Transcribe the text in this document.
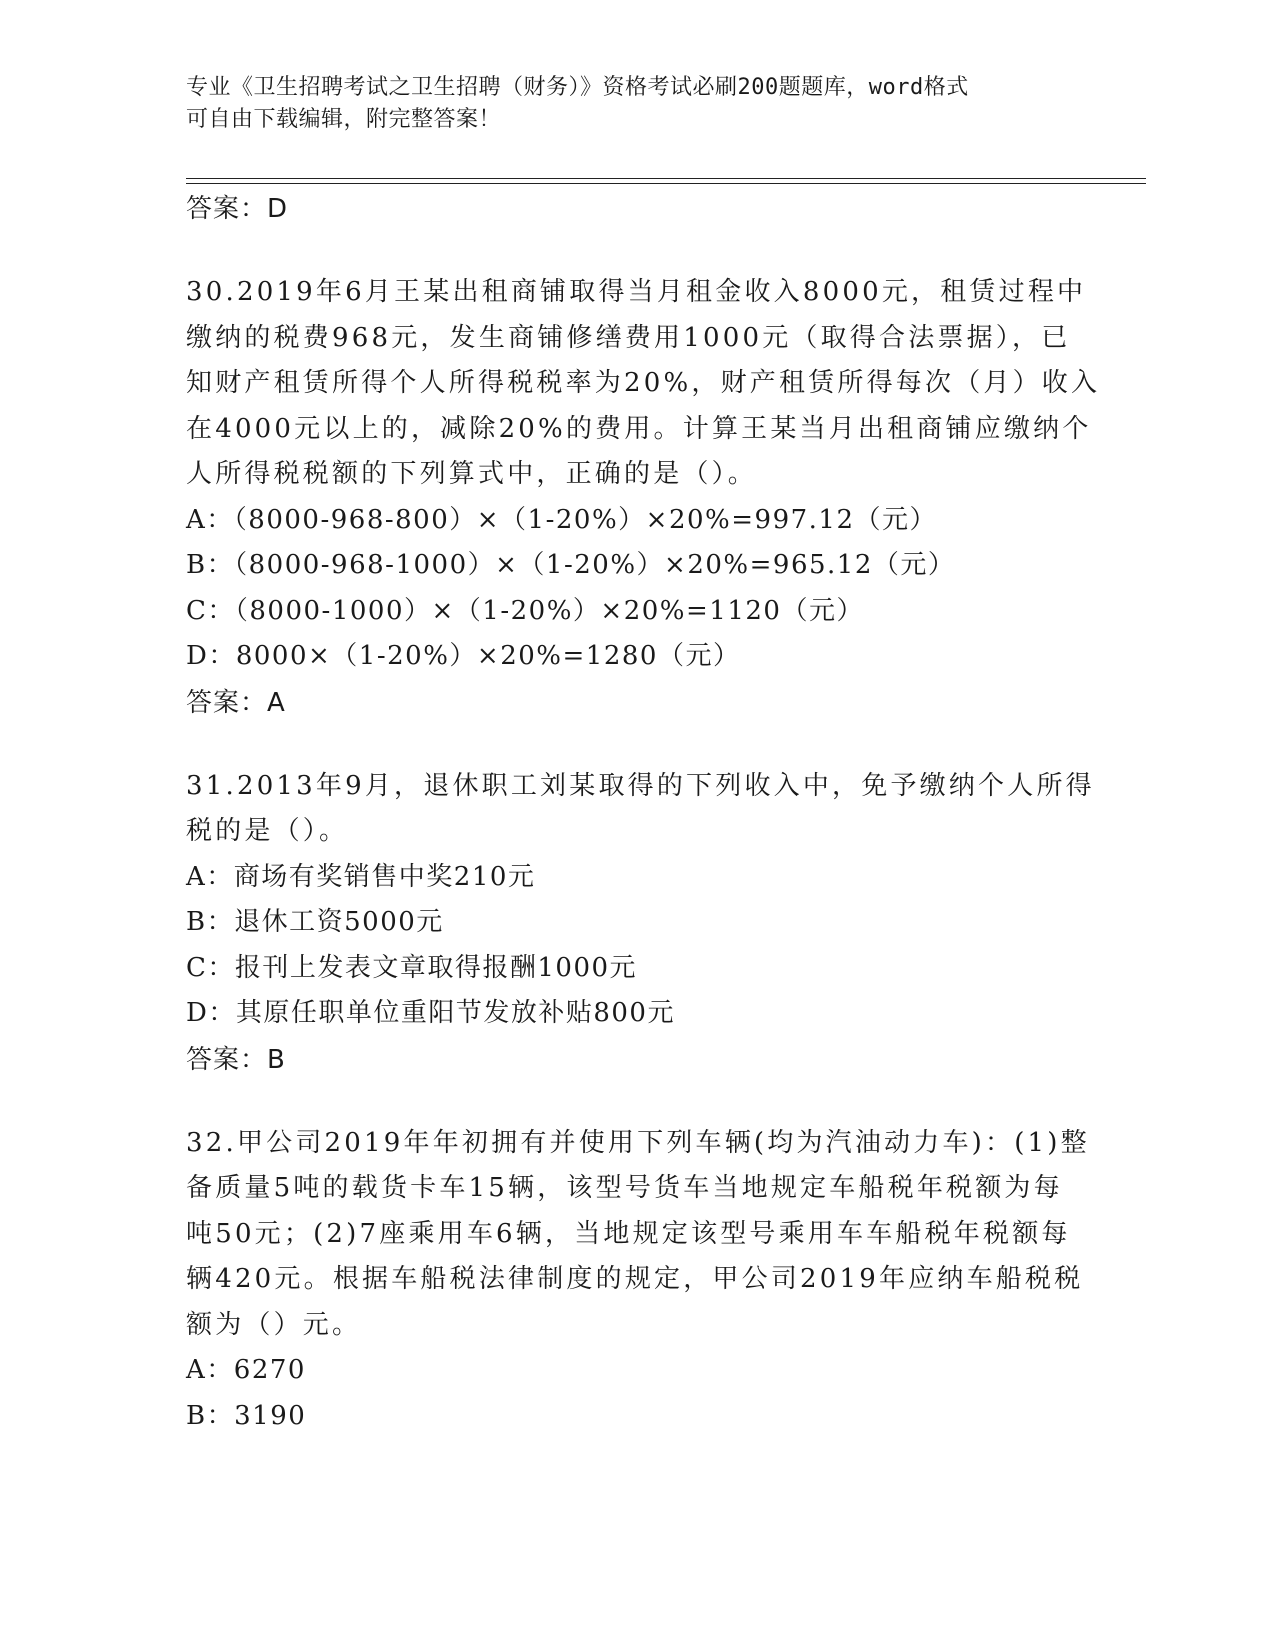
专业《卫生招聘考试之卫生招聘（财务）》资格考试必刷200题题库，word格式
可自由下载编辑，附完整答案！
答案：D

30.2019年6月王某出租商铺取得当月租金收入8000元，租赁过程中
缴纳的税费968元，发生商铺修缮费用1000元（取得合法票据），已
知财产租赁所得个人所得税税率为20%，财产租赁所得每次（月）收入
在4000元以上的，减除20%的费用。计算王某当月出租商铺应缴纳个
人所得税税额的下列算式中，正确的是（）。

A：（8000-968-800）×（1-20%）×20%=997.12（元）
B：（8000-968-1000）×（1-20%）×20%=965.12（元）
C：（8000-1000）×（1-20%）×20%=1120（元）
D：8000×（1-20%）×20%=1280（元）
答案：A

31.2013年9月，退休职工刘某取得的下列收入中，免予缴纳个人所得
税的是（）。

A：商场有奖销售中奖210元
B：退休工资5000元
C：报刊上发表文章取得报酬1000元
D：其原任职单位重阳节发放补贴800元
答案：B

32.甲公司2019年年初拥有并使用下列车辆(均为汽油动力车)：(1)整
备质量5吨的载货卡车15辆，该型号货车当地规定车船税年税额为每
吨50元；(2)7座乘用车6辆，当地规定该型号乘用车车船税年税额每
辆420元。根据车船税法律制度的规定，甲公司2019年应纳车船税税
额为（）元。

A：6270
B：3190
